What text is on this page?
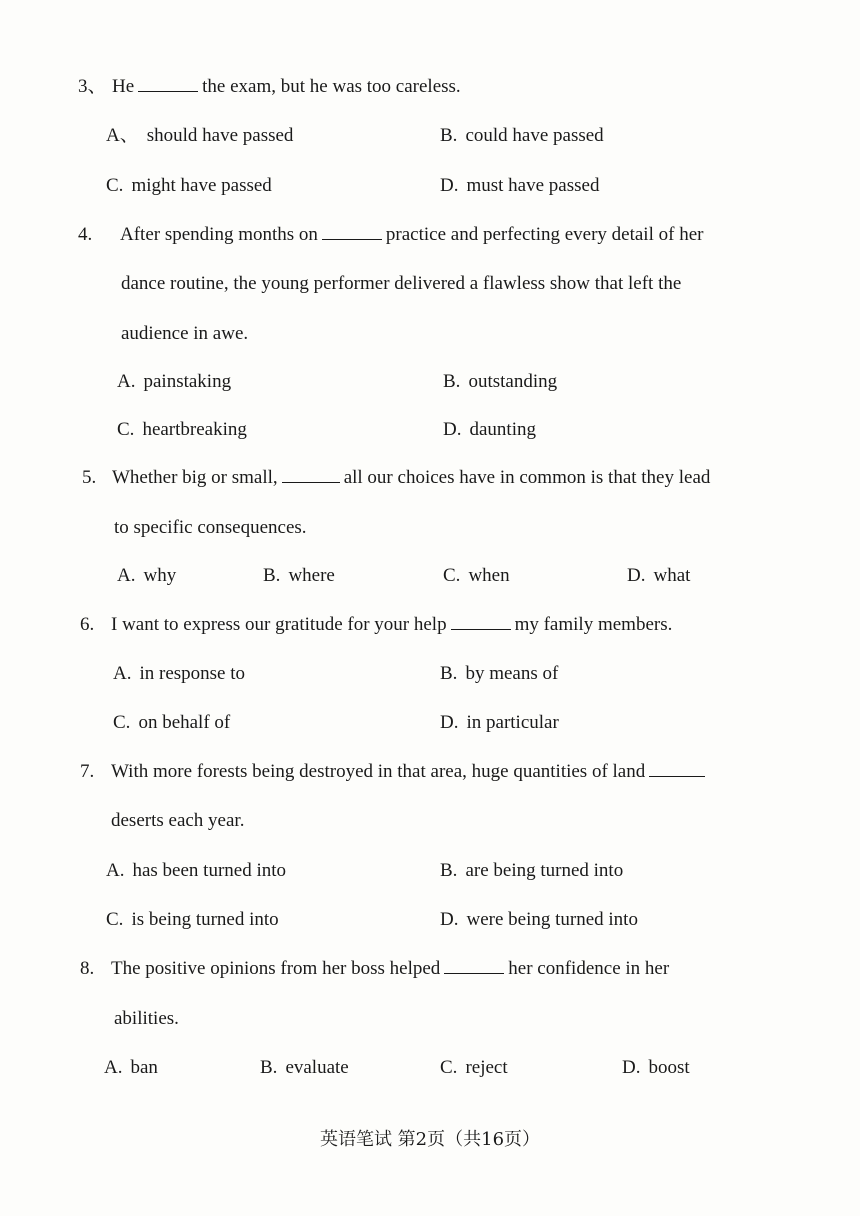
3、 He	the exam, but he was too careless.
A、 should have passed	B. could have passed
C. might have passed	D. must have passed
4. After spending months on	practice and perfecting every detail of her
dance routine, the young performer delivered a flawless show that left the
audience in awe.
A. painstaking	B. outstanding
C. heartbreaking	D. daunting
5. Whether big or small,	all our choices have in common is that they lead
to specific consequences.
A. why	B. where	C. when	D. what
6. I want to express our gratitude for your help	my family members.
A. in response to	B. by means of
C. on behalf of	D. in particular
7. With more forests being destroyed in that area, huge quantities of land
deserts each year.
A. has been turned into	B. are being turned into
C. is being turned into	D. were being turned into
8. The positive opinions from her boss helped	her confidence in her
abilities.
A. ban	B. evaluate	C. reject	D. boost
英语笔试 第2页（共16页）
